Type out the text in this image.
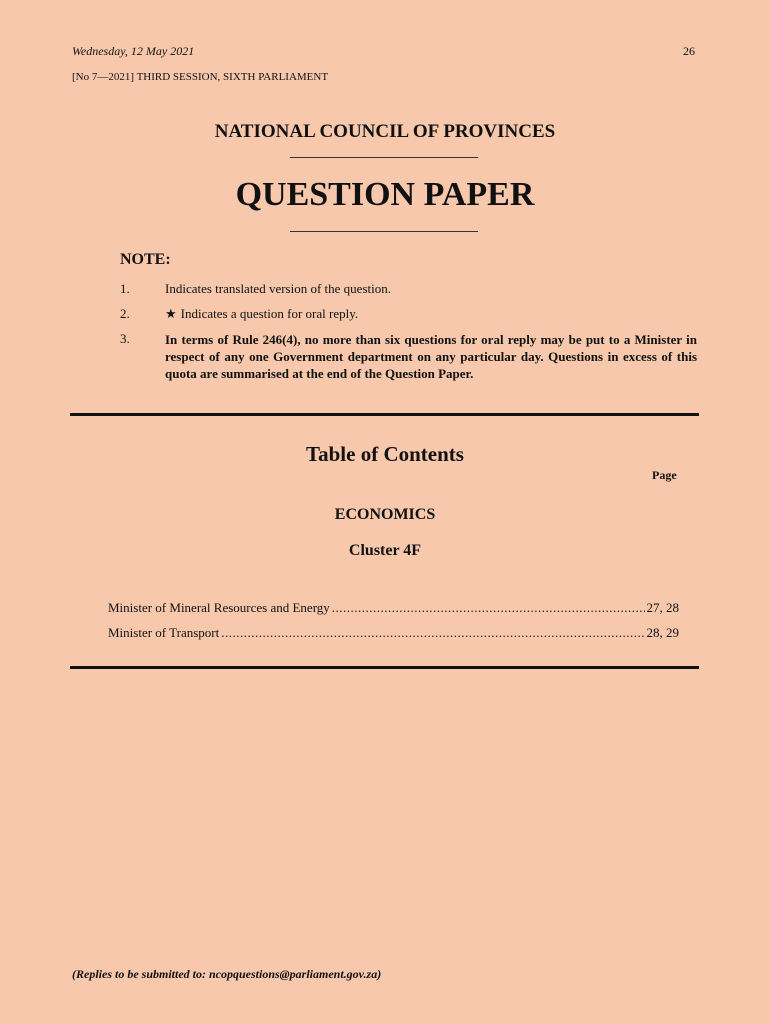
Wednesday, 12 May 2021	26
[No 7—2021] THIRD SESSION, SIXTH PARLIAMENT
NATIONAL COUNCIL OF PROVINCES
QUESTION PAPER
NOTE:
1.	Indicates translated version of the question.
2.	★ Indicates a question for oral reply.
3.	In terms of Rule 246(4), no more than six questions for oral reply may be put to a Minister in respect of any one Government department on any particular day. Questions in excess of this quota are summarised at the end of the Question Paper.
Table of Contents
Page
ECONOMICS
Cluster 4F
Minister of Mineral Resources and Energy .....	27, 28
Minister of Transport .....	28, 29
(Replies to be submitted to: ncopquestions@parliament.gov.za)
